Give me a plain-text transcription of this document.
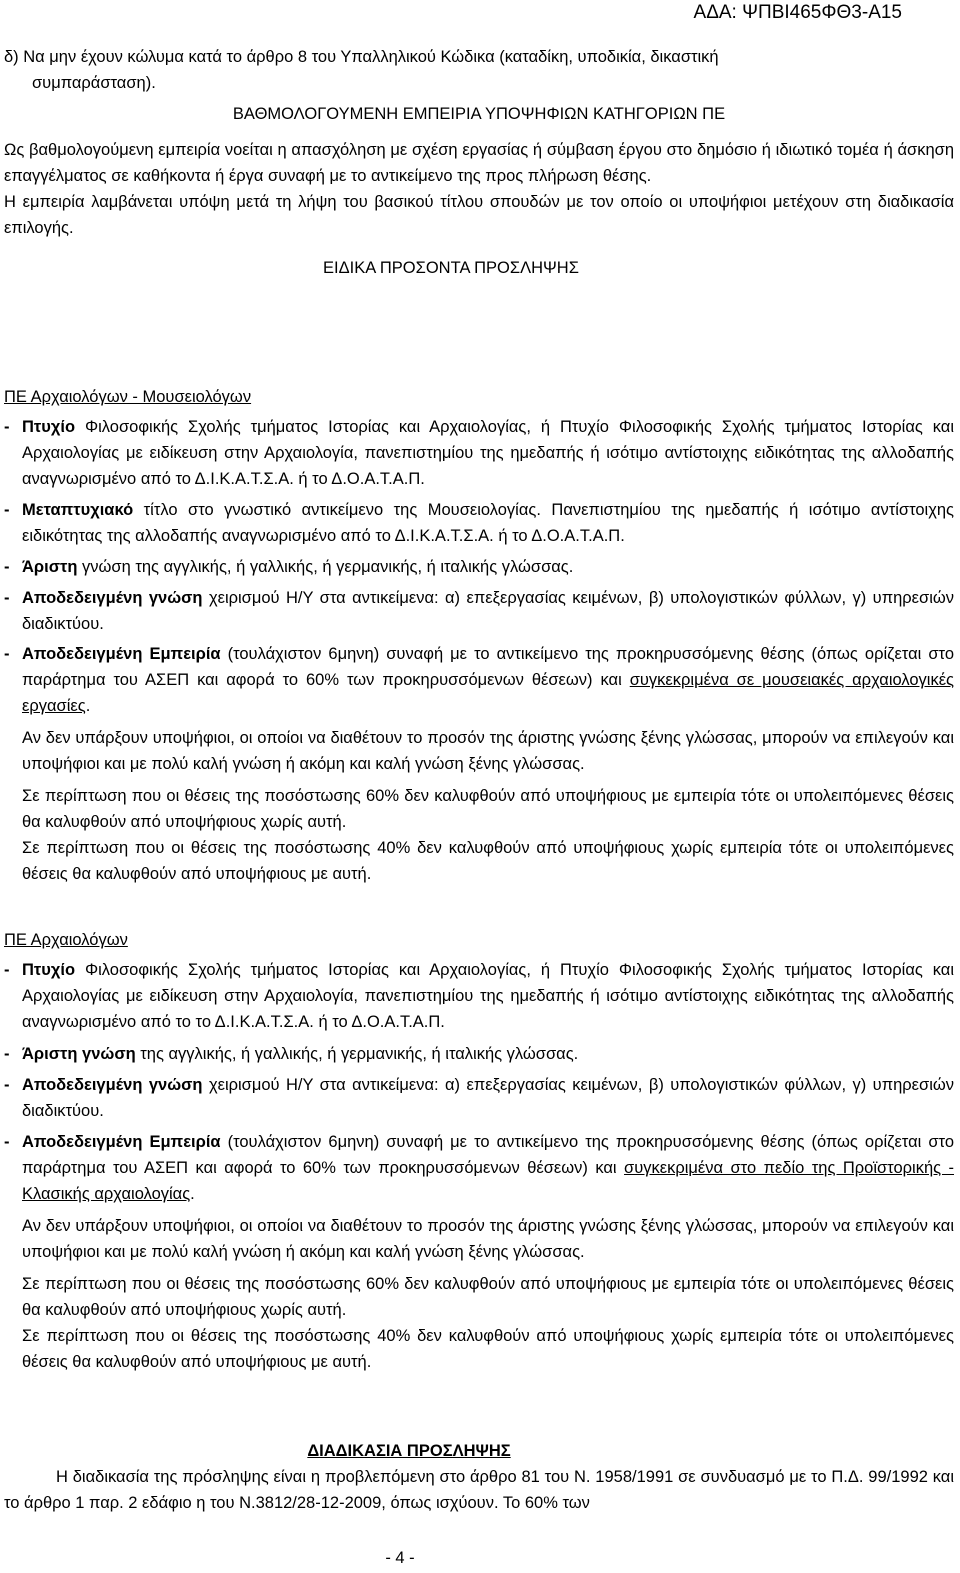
ΑΔΑ: ΨΠΒΙ465ΦΘ3-Α15

δ) Να μην έχουν κώλυμα κατά το άρθρο 8 του Υπαλληλικού Κώδικα (καταδίκη, υποδικία, δικαστική

συμπαράσταση).

ΒΑΘΜΟΛΟΓΟΥΜΕΝΗ ΕΜΠΕΙΡΙΑ ΥΠΟΨΗΦΙΩΝ ΚΑΤΗΓΟΡΙΩΝ ΠΕ

Ως βαθμολογούμενη εμπειρία νοείται η απασχόληση με σχέση εργασίας ή σύμβαση έργου στο δημόσιο ή ιδιωτικό τομέα ή άσκηση επαγγέλματος σε καθήκοντα ή έργα συναφή με το αντικείμενο της προς πλήρωση θέσης.

Η εμπειρία λαμβάνεται υπόψη μετά τη λήψη του βασικού τίτλου σπουδών με τον οποίο οι υποψήφιοι μετέχουν στη διαδικασία επιλογής.

ΕΙΔΙΚΑ ΠΡΟΣΟΝΤΑ ΠΡΟΣΛΗΨΗΣ

ΠΕ Αρχαιολόγων - Μουσειολόγων

- Πτυχίο Φιλοσοφικής Σχολής τμήματος Ιστορίας και Αρχαιολογίας, ή Πτυχίο Φιλοσοφικής Σχολής τμήματος Ιστορίας και Αρχαιολογίας με ειδίκευση στην Αρχαιολογία, πανεπιστημίου της ημεδαπής ή ισότιμο αντίστοιχης ειδικότητας της αλλοδαπής αναγνωρισμένο από το Δ.Ι.Κ.Α.Τ.Σ.Α. ή το Δ.Ο.Α.Τ.Α.Π.

- Μεταπτυχιακό τίτλο στο γνωστικό αντικείμενο της Μουσειολογίας. Πανεπιστημίου της ημεδαπής ή ισότιμο αντίστοιχης ειδικότητας της αλλοδαπής αναγνωρισμένο από το Δ.Ι.Κ.Α.Τ.Σ.Α. ή το Δ.Ο.Α.Τ.Α.Π.

- Άριστη γνώση της αγγλικής, ή γαλλικής, ή γερμανικής, ή ιταλικής γλώσσας.

- Αποδεδειγμένη γνώση χειρισμού Η/Υ στα αντικείμενα: α) επεξεργασίας κειμένων, β) υπολογιστικών φύλλων, γ) υπηρεσιών διαδικτύου.

- Αποδεδειγμένη Εμπειρία (τουλάχιστον 6μηνη) συναφή με το αντικείμενο της προκηρυσσόμενης θέσης (όπως ορίζεται στο παράρτημα του ΑΣΕΠ και αφορά το 60% των προκηρυσσόμενων θέσεων) και συγκεκριμένα σε μουσειακές αρχαιολογικές εργασίες.

Αν δεν υπάρξουν υποψήφιοι, οι οποίοι να διαθέτουν το προσόν της άριστης γνώσης ξένης γλώσσας, μπορούν να επιλεγούν και υποψήφιοι και με πολύ καλή γνώση ή ακόμη και καλή γνώση ξένης γλώσσας.

Σε περίπτωση που οι θέσεις της ποσόστωσης 60% δεν καλυφθούν από υποψήφιους με εμπειρία τότε οι υπολειπόμενες θέσεις θα καλυφθούν από υποψήφιους χωρίς αυτή.

Σε περίπτωση που οι θέσεις της ποσόστωσης 40% δεν καλυφθούν από υποψήφιους χωρίς εμπειρία τότε οι υπολειπόμενες θέσεις θα καλυφθούν από υποψήφιους με αυτή.

ΠΕ Αρχαιολόγων

- Πτυχίο Φιλοσοφικής Σχολής τμήματος Ιστορίας και Αρχαιολογίας, ή Πτυχίο Φιλοσοφικής Σχολής τμήματος Ιστορίας και Αρχαιολογίας με ειδίκευση στην Αρχαιολογία, πανεπιστημίου της ημεδαπής ή ισότιμο αντίστοιχης ειδικότητας της αλλοδαπής αναγνωρισμένο από το το Δ.Ι.Κ.Α.Τ.Σ.Α. ή το Δ.Ο.Α.Τ.Α.Π.

- Άριστη γνώση της αγγλικής, ή γαλλικής, ή γερμανικής, ή ιταλικής γλώσσας.

- Αποδεδειγμένη γνώση χειρισμού Η/Υ στα αντικείμενα: α) επεξεργασίας κειμένων, β) υπολογιστικών φύλλων, γ) υπηρεσιών διαδικτύου.

- Αποδεδειγμένη Εμπειρία (τουλάχιστον 6μηνη) συναφή με το αντικείμενο της προκηρυσσόμενης θέσης (όπως ορίζεται στο παράρτημα του ΑΣΕΠ και αφορά το 60% των προκηρυσσόμενων θέσεων) και συγκεκριμένα στο πεδίο της Προϊστορικής - Κλασικής αρχαιολογίας.

Αν δεν υπάρξουν υποψήφιοι, οι οποίοι να διαθέτουν το προσόν της άριστης γνώσης ξένης γλώσσας, μπορούν να επιλεγούν και υποψήφιοι και με πολύ καλή γνώση ή ακόμη και καλή γνώση ξένης γλώσσας.

Σε περίπτωση που οι θέσεις της ποσόστωσης 60% δεν καλυφθούν από υποψήφιους με εμπειρία τότε οι υπολειπόμενες θέσεις θα καλυφθούν από υποψήφιους χωρίς αυτή.

Σε περίπτωση που οι θέσεις της ποσόστωσης 40% δεν καλυφθούν από υποψήφιους χωρίς εμπειρία τότε οι υπολειπόμενες θέσεις θα καλυφθούν από υποψήφιους με αυτή.

ΔΙΑΔΙΚΑΣΙΑ ΠΡΟΣΛΗΨΗΣ

Η διαδικασία της πρόσληψης είναι η προβλεπόμενη στο άρθρο 81 του Ν. 1958/1991 σε συνδυασμό με το Π.Δ. 99/1992 και το άρθρο 1 παρ. 2 εδάφιο η του Ν.3812/28-12-2009, όπως ισχύουν. Το 60% των

- 4 -
